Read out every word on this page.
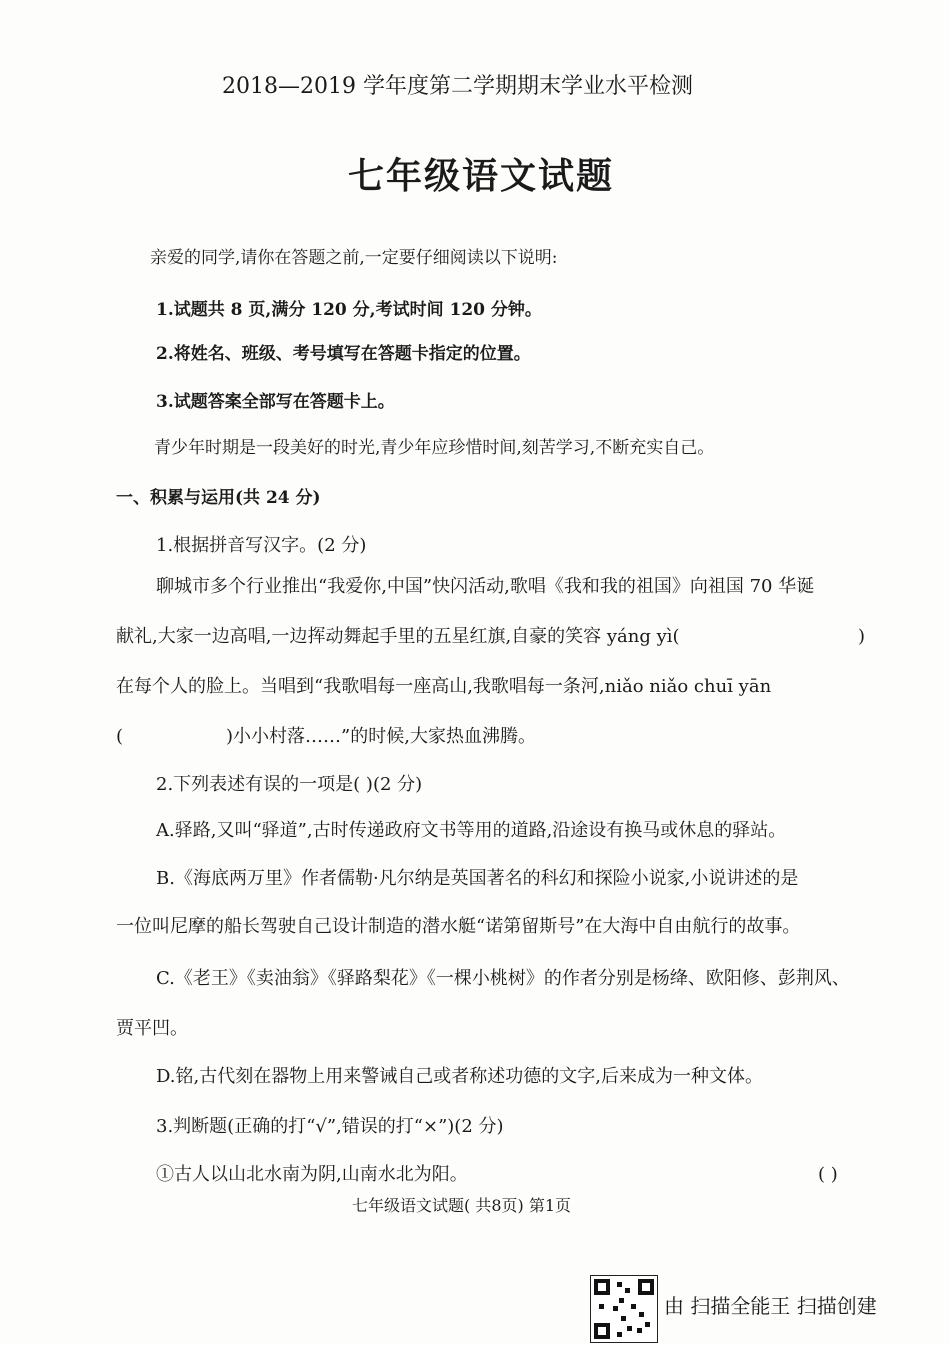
2018—2019 学年度第二学期期末学业水平检测
七年级语文试题
亲爱的同学,请你在答题之前,一定要仔细阅读以下说明:
1.试题共 8 页,满分 120 分,考试时间 120 分钟。
2.将姓名、班级、考号填写在答题卡指定的位置。
3.试题答案全部写在答题卡上。
青少年时期是一段美好的时光,青少年应珍惜时间,刻苦学习,不断充实自己。
一、积累与运用(共 24 分)
1.根据拼音写汉字。(2 分)
聊城市多个行业推出“我爱你,中国”快闪活动,歌唱《我和我的祖国》向祖国 70 华诞
献礼,大家一边高唱,一边挥动舞起手里的五星红旗,自豪的笑容 yáng yì(	)
在每个人的脸上。当唱到“我歌唱每一座高山,我歌唱每一条河,niǎo niǎo chuī yān
(	)小小村落……”的时候,大家热血沸腾。
2.下列表述有误的一项是( )(2 分)
A.驿路,又叫“驿道”,古时传递政府文书等用的道路,沿途设有换马或休息的驿站。
B.《海底两万里》作者儒勒·凡尔纳是英国著名的科幻和探险小说家,小说讲述的是
一位叫尼摩的船长驾驶自己设计制造的潜水艇“诺第留斯号”在大海中自由航行的故事。
C.《老王》《卖油翁》《驿路梨花》《一棵小桃树》的作者分别是杨绛、欧阳修、彭荆风、
贾平凹。
D.铭,古代刻在器物上用来警诫自己或者称述功德的文字,后来成为一种文体。
3.判断题(正确的打“√”,错误的打“×”)(2 分)
①古人以山北水南为阴,山南水北为阳。	( )
七年级语文试题( 共8页) 第1页
由 扫描全能王 扫描创建
